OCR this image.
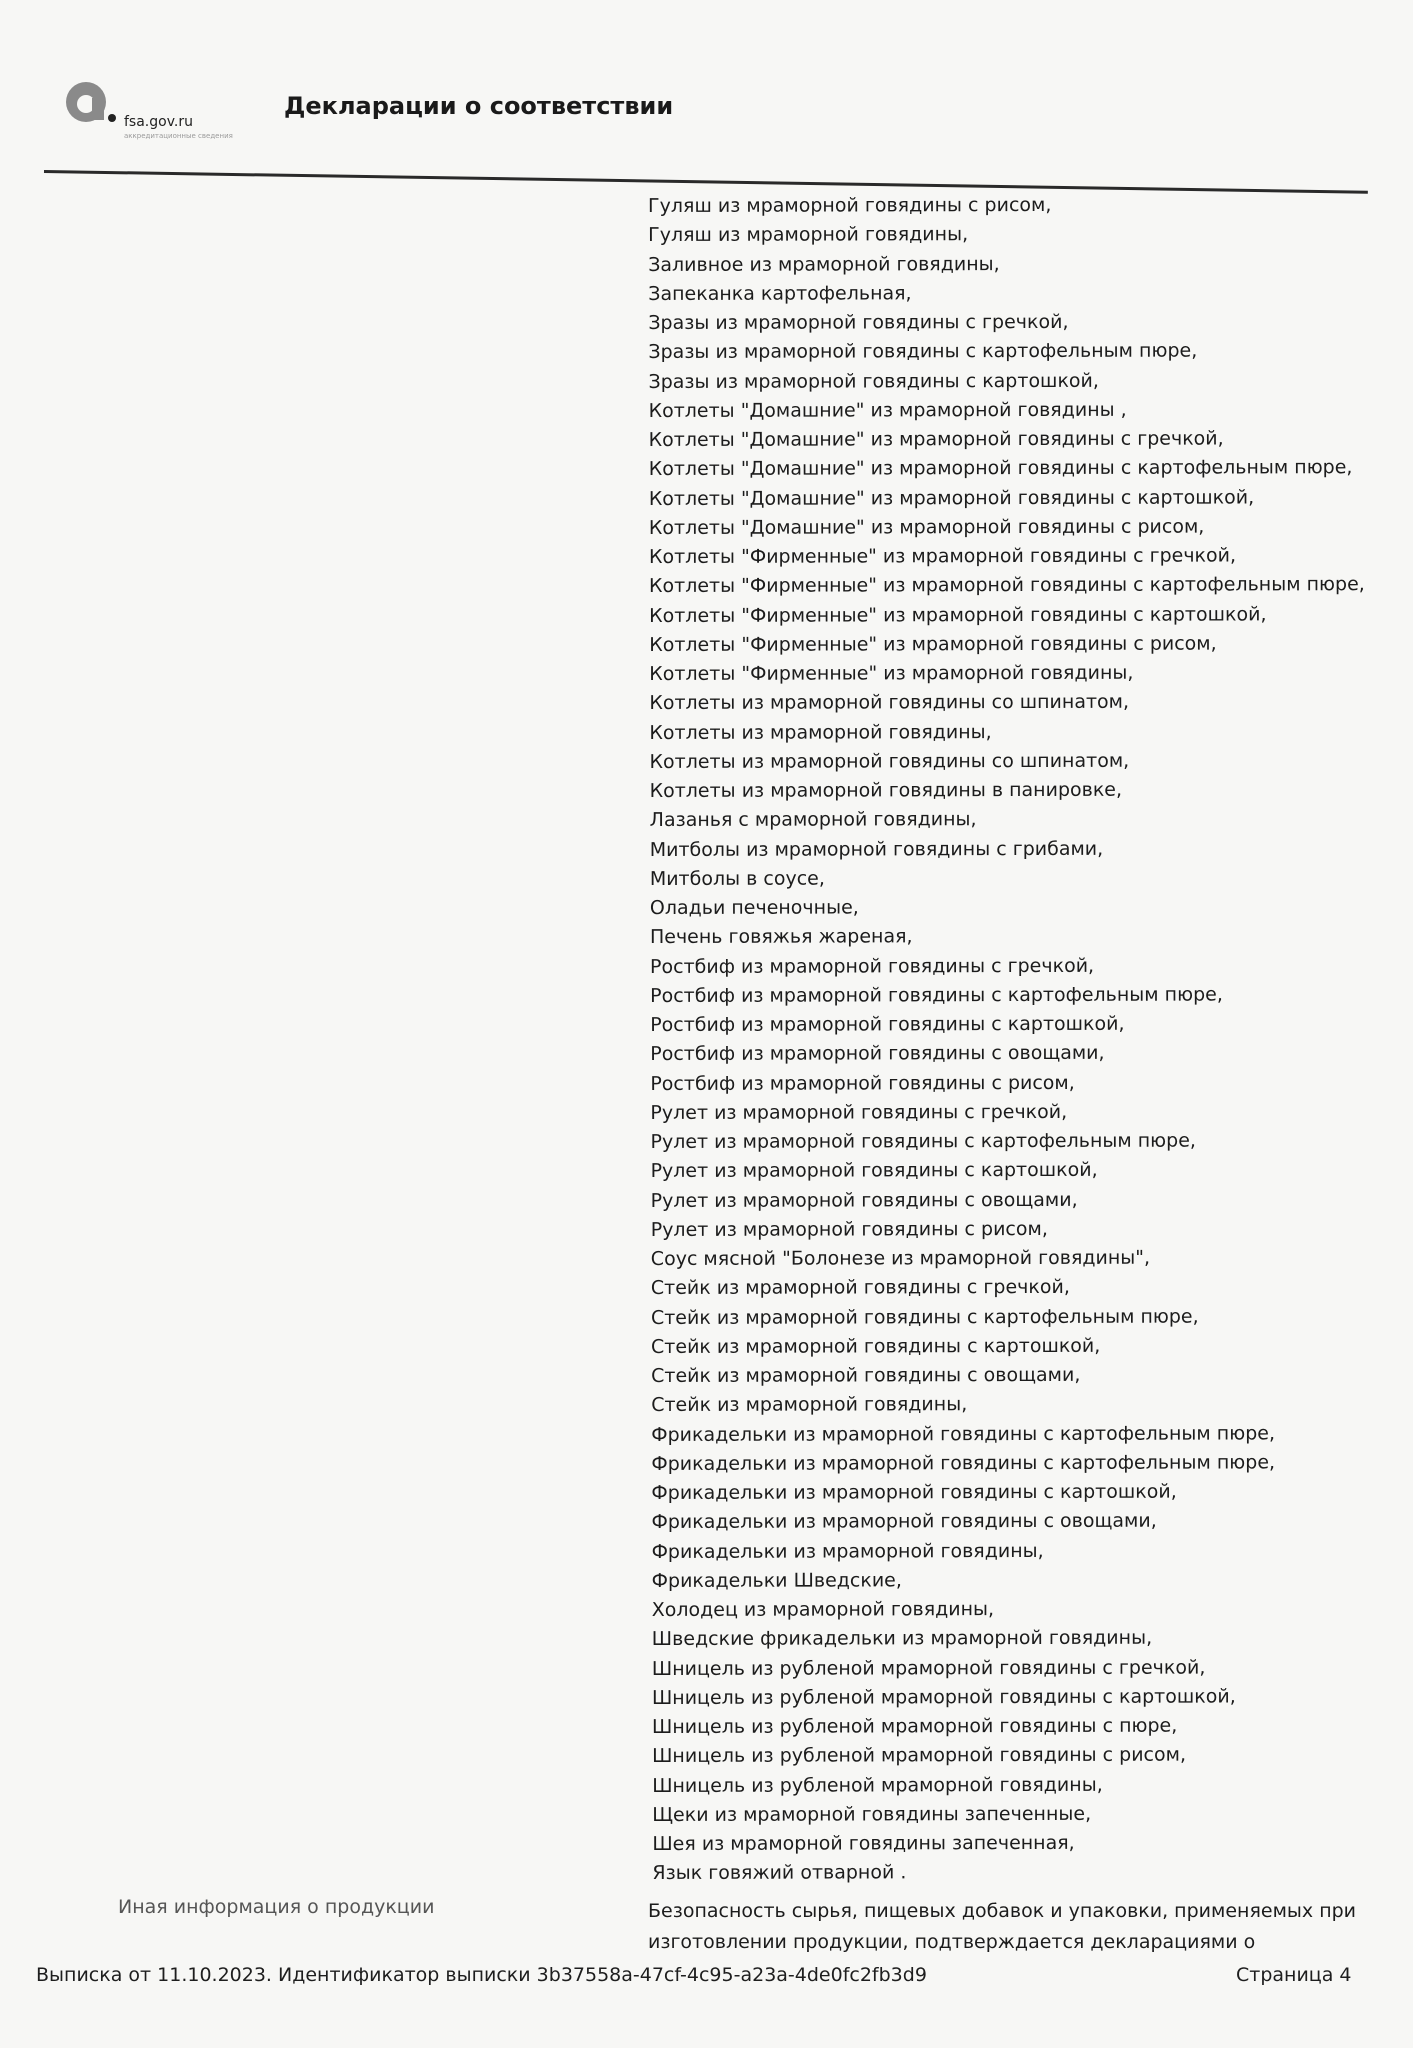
fsa.gov.ru
аккредитационные сведения
Декларации о соответствии
Гуляш из мраморной говядины с рисом,
Гуляш из мраморной говядины,
Заливное из мраморной говядины,
Запеканка картофельная,
Зразы из мраморной говядины с гречкой,
Зразы из мраморной говядины с картофельным пюре,
Зразы из мраморной говядины с картошкой,
Котлеты "Домашние" из мраморной говядины ,
Котлеты "Домашние" из мраморной говядины с гречкой,
Котлеты "Домашние" из мраморной говядины с картофельным пюре,
Котлеты "Домашние" из мраморной говядины с картошкой,
Котлеты "Домашние" из мраморной говядины с рисом,
Котлеты "Фирменные" из мраморной говядины с гречкой,
Котлеты "Фирменные" из мраморной говядины с картофельным пюре,
Котлеты "Фирменные" из мраморной говядины с картошкой,
Котлеты "Фирменные" из мраморной говядины с рисом,
Котлеты "Фирменные" из мраморной говядины,
Котлеты из мраморной говядины со шпинатом,
Котлеты из мраморной говядины,
Котлеты из мраморной говядины со шпинатом,
Котлеты из мраморной говядины в панировке,
Лазанья с мраморной говядины,
Митболы из мраморной говядины с грибами,
Митболы в соусе,
Оладьи печеночные,
Печень говяжья жареная,
Ростбиф из мраморной говядины с гречкой,
Ростбиф из мраморной говядины с картофельным пюре,
Ростбиф из мраморной говядины с картошкой,
Ростбиф из мраморной говядины с овощами,
Ростбиф из мраморной говядины с рисом,
Рулет из мраморной говядины с гречкой,
Рулет из мраморной говядины с картофельным пюре,
Рулет из мраморной говядины с картошкой,
Рулет из мраморной говядины с овощами,
Рулет из мраморной говядины с рисом,
Соус мясной "Болонезе из мраморной говядины",
Стейк из мраморной говядины с гречкой,
Стейк из мраморной говядины с картофельным пюре,
Стейк из мраморной говядины с картошкой,
Стейк из мраморной говядины с овощами,
Стейк из мраморной говядины,
Фрикадельки из мраморной говядины с картофельным пюре,
Фрикадельки из мраморной говядины с картофельным пюре,
Фрикадельки из мраморной говядины с картошкой,
Фрикадельки из мраморной говядины с овощами,
Фрикадельки из мраморной говядины,
Фрикадельки Шведские,
Холодец из мраморной говядины,
Шведские фрикадельки из мраморной говядины,
Шницель из рубленой мраморной говядины с гречкой,
Шницель из рубленой мраморной говядины с картошкой,
Шницель из рубленой мраморной говядины с пюре,
Шницель из рубленой мраморной говядины с рисом,
Шницель из рубленой мраморной говядины,
Щеки из мраморной говядины запеченные,
Шея из мраморной говядины запеченная,
Язык говяжий отварной .
Иная информация о продукции	Безопасность сырья, пищевых добавок и упаковки, применяемых при изготовлении продукции, подтверждается декларациями о
Выписка от 11.10.2023. Идентификатор выписки 3b37558a-47cf-4c95-a23a-4de0fc2fb3d9	Страница 4
